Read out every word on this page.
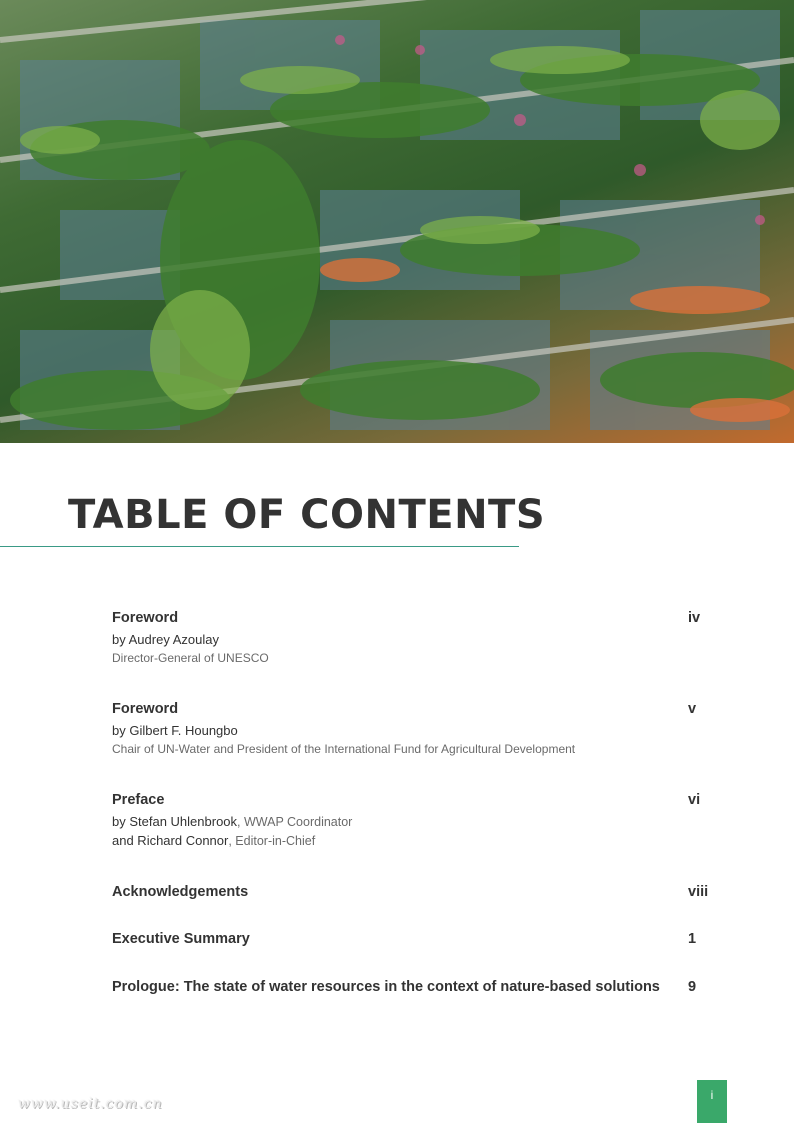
TABLE OF CONTENTS
Foreword	iv
by Audrey Azoulay
Director-General of UNESCO
Foreword	v
by Gilbert F. Houngbo
Chair of UN-Water and President of the International Fund for Agricultural Development
Preface	vi
by Stefan Uhlenbrook, WWAP Coordinator
and Richard Connor, Editor-in-Chief
Acknowledgements	viii
Executive Summary	1
Prologue: The state of water resources in the context of nature-based solutions	9
www.useit.com.cn
i
